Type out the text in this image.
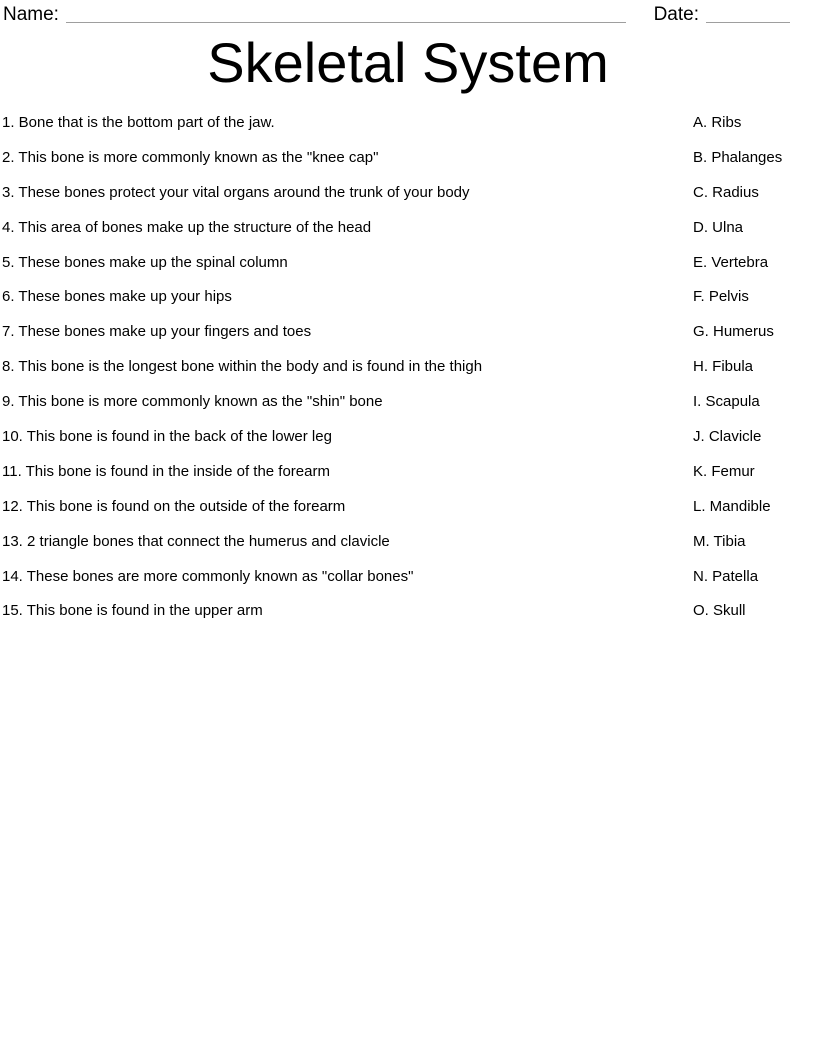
Name:	Date:
Skeletal System
1. Bone that is the bottom part of the jaw.	A. Ribs
2. This bone is more commonly known as the "knee cap"	B. Phalanges
3. These bones protect your vital organs around the trunk of your body	C. Radius
4. This area of bones make up the structure of the head	D. Ulna
5. These bones make up the spinal column	E. Vertebra
6. These bones make up your hips	F. Pelvis
7. These bones make up your fingers and toes	G. Humerus
8. This bone is the longest bone within the body and is found in the thigh	H. Fibula
9. This bone is more commonly known as the "shin" bone	I. Scapula
10. This bone is found in the back of the lower leg	J. Clavicle
11. This bone is found in the inside of the forearm	K. Femur
12. This bone is found on the outside of the forearm	L. Mandible
13. 2 triangle bones that connect the humerus and clavicle	M. Tibia
14. These bones are more commonly known as "collar bones"	N. Patella
15. This bone is found in the upper arm	O. Skull
